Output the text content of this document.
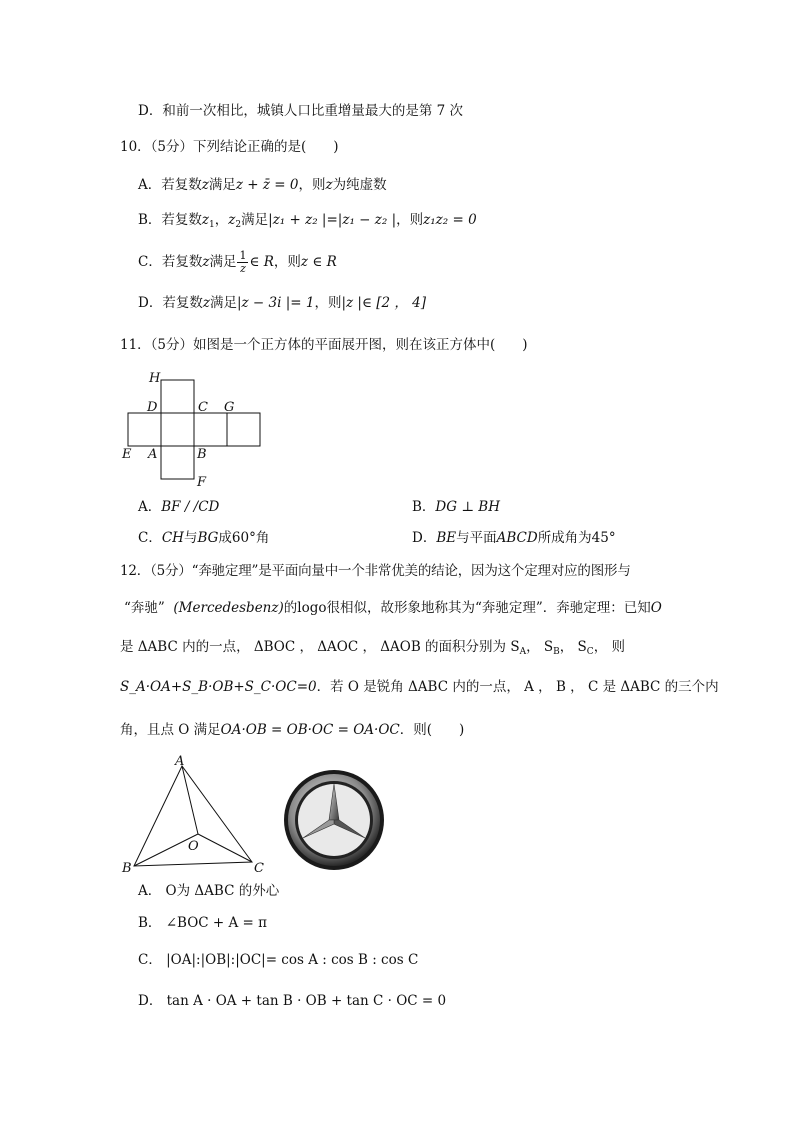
D．和前一次相比，城镇人口比重增量最大的是第 7 次
10．（5分）下列结论正确的是(　　)
A．若复数z满足z + z̄ = 0，则z为纯虚数
B．若复数$z_1$，$z_2$满足|z₁ + z₂ |=|z₁ − z₂ |，则z₁z₂ = 0
C．若复数z满足 $\frac{1}{z}$ ∈ R，则z ∈ R
D．若复数z满足|z − 3i |= 1，则|z |∈ [2 ， 4]
11．（5分）如图是一个正方体的平面展开图，则在该正方体中(　　)
H
D	C G
E A	B
F
A．BF / /CD	B．DG ⊥ BH
C．CH与BG成60°角	D．BE与平面ABCD所成角为45°
12．（5分）“奔驰定理”是平面向量中一个非常优美的结论，因为这个定理对应的图形与
“奔驰” (Mercedesbenz)的logo很相似，故形象地称其为“奔驰定理”．奔驰定理：已知O
是 ΔABC 内的一点， ΔBOC ， ΔAOC ， ΔAOB 的面积分别为 $S_A$， $S_B$， $S_C$， 则
S_A·OA+S_B·OB+S_C·OC=0．若 O 是锐角 ΔABC 内的一点， A ， B ， C 是 ΔABC 的三个内
角，且点 O 满足OA·OB = OB·OC = OA·OC．则(　　)
A
B	C
O
A． O为 ΔABC 的外心
B． ∠BOC + A = π
C． |OA|:|OB|:|OC|= cos A : cos B : cos C
D． tan A · OA + tan B · OB + tan C · OC = 0
